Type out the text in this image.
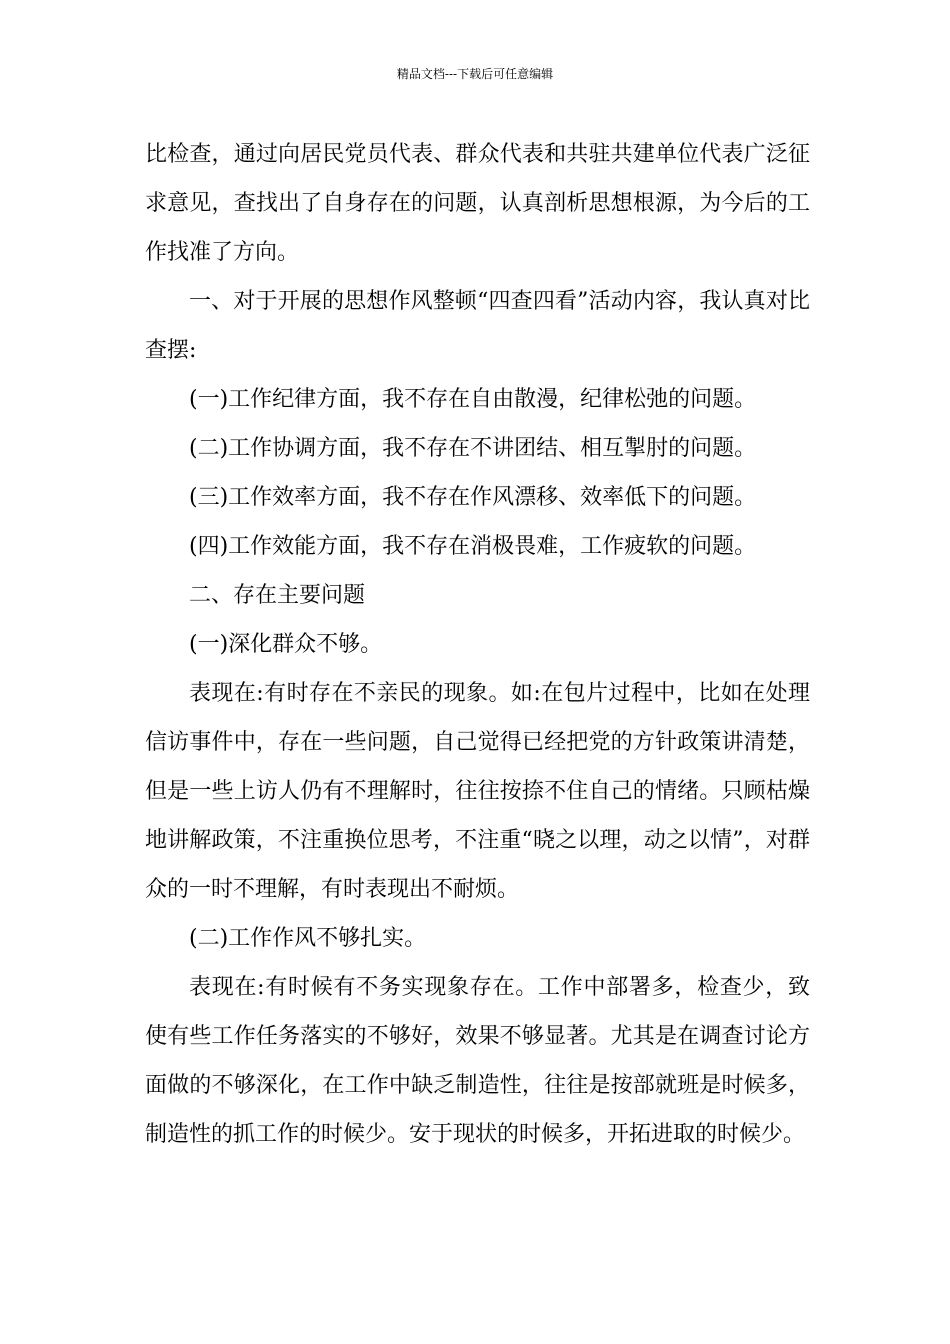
精品文档---下载后可任意编辑

比检查，通过向居民党员代表、群众代表和共驻共建单位代表广泛征求意见，查找出了自身存在的问题，认真剖析思想根源，为今后的工作找准了方向。

一、对于开展的思想作风整顿“四查四看”活动内容，我认真对比查摆:

(一)工作纪律方面，我不存在自由散漫，纪律松弛的问题。

(二)工作协调方面，我不存在不讲团结、相互掣肘的问题。

(三)工作效率方面，我不存在作风漂移、效率低下的问题。

(四)工作效能方面，我不存在消极畏难，工作疲软的问题。

二、存在主要问题

(一)深化群众不够。

表现在:有时存在不亲民的现象。如:在包片过程中，比如在处理信访事件中，存在一些问题，自己觉得已经把党的方针政策讲清楚，但是一些上访人仍有不理解时，往往按捺不住自己的情绪。只顾枯燥地讲解政策，不注重换位思考，不注重“晓之以理，动之以情”，对群众的一时不理解，有时表现出不耐烦。

(二)工作作风不够扎实。

表现在:有时候有不务实现象存在。工作中部署多，检查少，致使有些工作任务落实的不够好，效果不够显著。尤其是在调查讨论方面做的不够深化，在工作中缺乏制造性，往往是按部就班是时候多，制造性的抓工作的时候少。安于现状的时候多，开拓进取的时候少。
